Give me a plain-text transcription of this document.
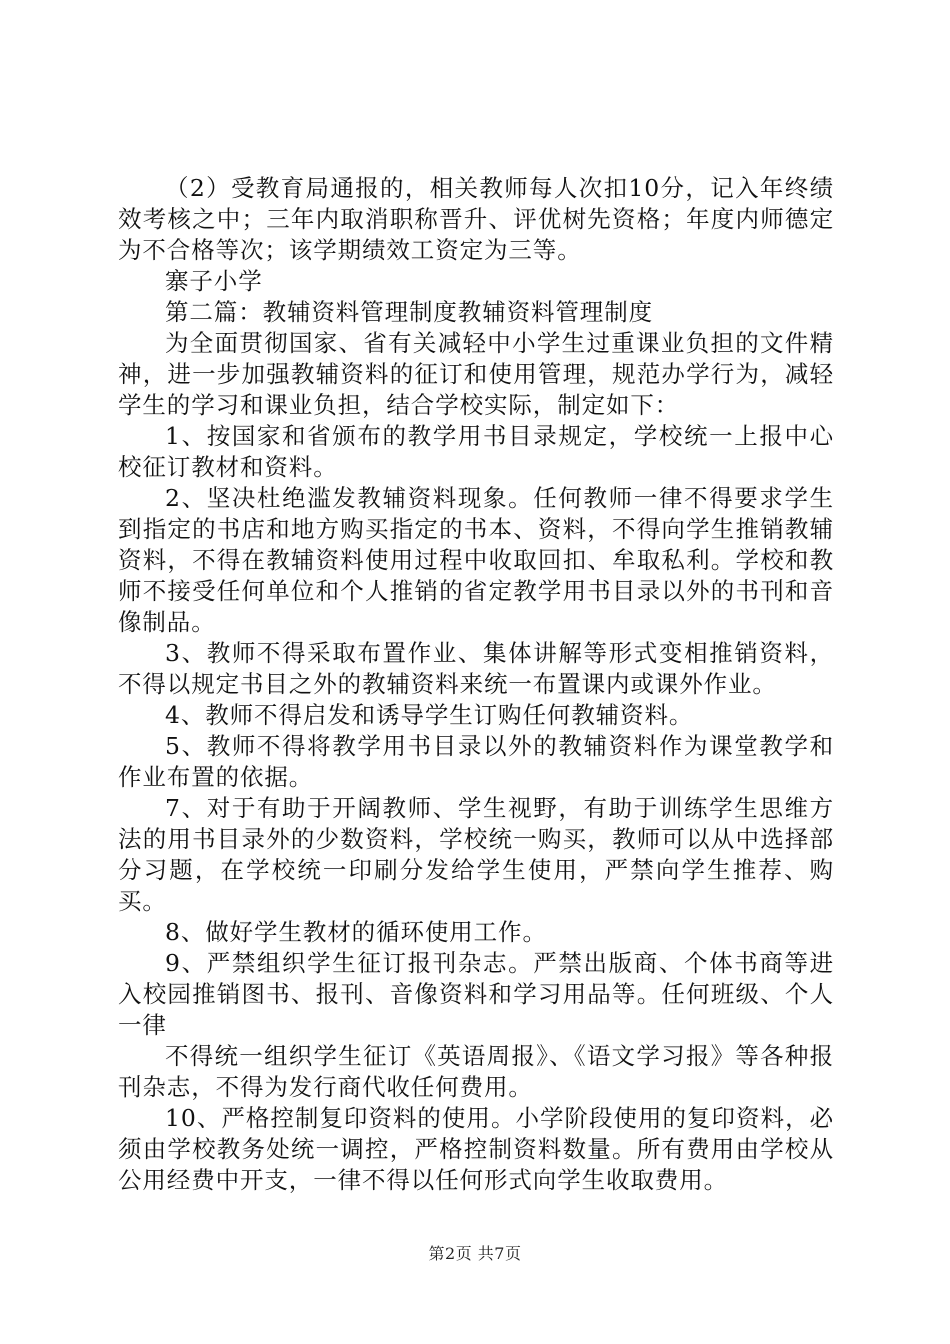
（2）受教育局通报的，相关教师每人次扣10分，记入年终绩效考核之中；三年内取消职称晋升、评优树先资格；年度内师德定为不合格等次；该学期绩效工资定为三等。

寨子小学

第二篇：教辅资料管理制度教辅资料管理制度

为全面贯彻国家、省有关减轻中小学生过重课业负担的文件精神，进一步加强教辅资料的征订和使用管理，规范办学行为，减轻学生的学习和课业负担，结合学校实际，制定如下：

1、按国家和省颁布的教学用书目录规定，学校统一上报中心校征订教材和资料。

2、坚决杜绝滥发教辅资料现象。任何教师一律不得要求学生到指定的书店和地方购买指定的书本、资料，不得向学生推销教辅资料，不得在教辅资料使用过程中收取回扣、牟取私利。学校和教师不接受任何单位和个人推销的省定教学用书目录以外的书刊和音像制品。

3、教师不得采取布置作业、集体讲解等形式变相推销资料，不得以规定书目之外的教辅资料来统一布置课内或课外作业。

4、教师不得启发和诱导学生订购任何教辅资料。

5、教师不得将教学用书目录以外的教辅资料作为课堂教学和作业布置的依据。

7、对于有助于开阔教师、学生视野，有助于训练学生思维方法的用书目录外的少数资料，学校统一购买，教师可以从中选择部分习题，在学校统一印刷分发给学生使用，严禁向学生推荐、购买。

8、做好学生教材的循环使用工作。

9、严禁组织学生征订报刊杂志。严禁出版商、个体书商等进入校园推销图书、报刊、音像资料和学习用品等。任何班级、个人一律

不得统一组织学生征订《英语周报》、《语文学习报》等各种报刊杂志，不得为发行商代收任何费用。

10、严格控制复印资料的使用。小学阶段使用的复印资料，必须由学校教务处统一调控，严格控制资料数量。所有费用由学校从公用经费中开支，一律不得以任何形式向学生收取费用。

第2页 共7页
